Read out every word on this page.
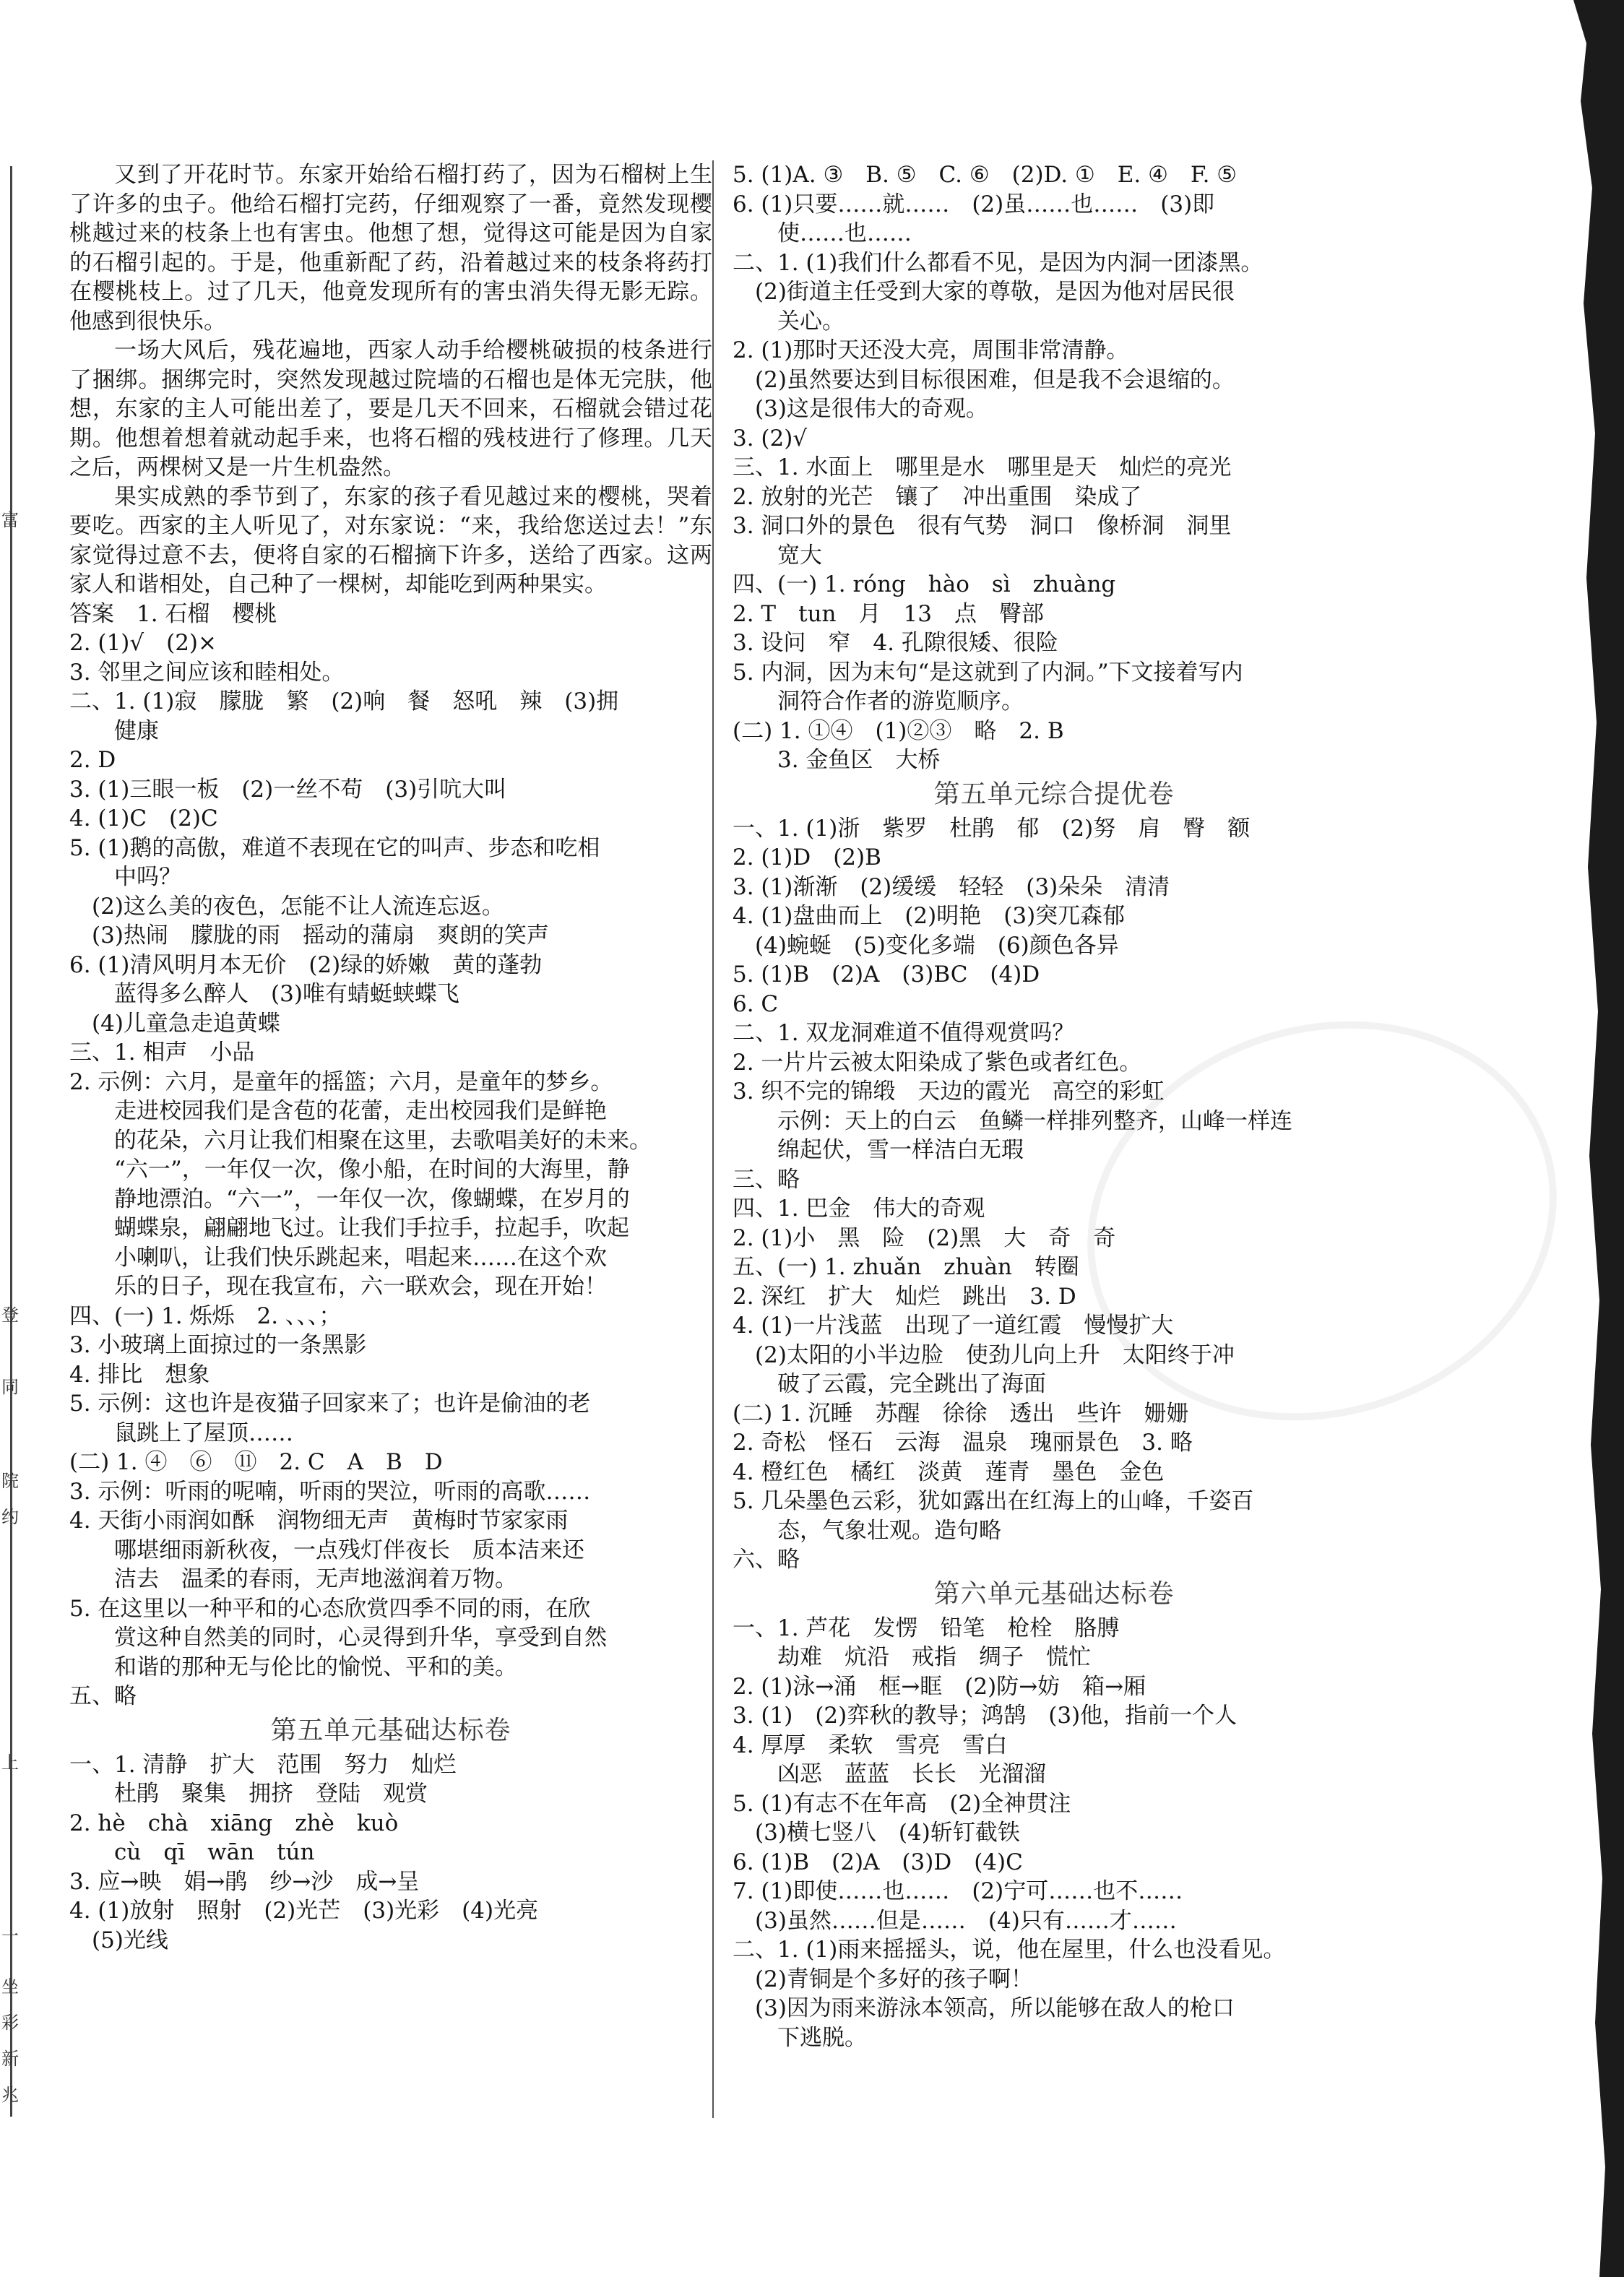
富
登
同
院
约
上
一
坐
彩
新
兆

又到了开花时节。东家开始给石榴打药了，因为石榴树上生了许多的虫子。他给石榴打完药，仔细观察了一番，竟然发现樱桃越过来的枝条上也有害虫。他想了想，觉得这可能是因为自家的石榴引起的。于是，他重新配了药，沿着越过来的枝条将药打在樱桃枝上。过了几天，他竟发现所有的害虫消失得无影无踪。他感到很快乐。

一场大风后，残花遍地，西家人动手给樱桃破损的枝条进行了捆绑。捆绑完时，突然发现越过院墙的石榴也是体无完肤，他想，东家的主人可能出差了，要是几天不回来，石榴就会错过花期。他想着想着就动起手来，也将石榴的残枝进行了修理。几天之后，两棵树又是一片生机盎然。

果实成熟的季节到了，东家的孩子看见越过来的樱桃，哭着要吃。西家的主人听见了，对东家说：“来，我给您送过去！”东家觉得过意不去，便将自家的石榴摘下许多，送给了西家。这两家人和谐相处，自己种了一棵树，却能吃到两种果实。

答案　1. 石榴　樱桃
2. (1)√　(2)×
3. 邻里之间应该和睦相处。
二、1. (1)寂　朦胧　繁　(2)响　餐　怒吼　辣　(3)拥
　　健康
2. D
3. (1)三眼一板　(2)一丝不苟　(3)引吭大叫
4. (1)C　(2)C
5. (1)鹅的高傲，难道不表现在它的叫声、步态和吃相
　　中吗？
　(2)这么美的夜色，怎能不让人流连忘返。
　(3)热闹　朦胧的雨　摇动的蒲扇　爽朗的笑声
6. (1)清风明月本无价　(2)绿的娇嫩　黄的蓬勃
　　蓝得多么醉人　(3)唯有蜻蜓蛱蝶飞
　(4)儿童急走追黄蝶
三、1. 相声　小品
2. 示例：六月，是童年的摇篮；六月，是童年的梦乡。
　　走进校园我们是含苞的花蕾，走出校园我们是鲜艳
　　的花朵，六月让我们相聚在这里，去歌唱美好的未来。
　　“六一”，一年仅一次，像小船，在时间的大海里，静
　　静地漂泊。“六一”，一年仅一次，像蝴蝶，在岁月的
　　蝴蝶泉，翩翩地飞过。让我们手拉手，拉起手，吹起
　　小喇叭，让我们快乐跳起来，唱起来……在这个欢
　　乐的日子，现在我宣布，六一联欢会，现在开始！
四、(一) 1. 烁烁　2. 、、、；
3. 小玻璃上面掠过的一条黑影
4. 排比　想象
5. 示例：这也许是夜猫子回家来了；也许是偷油的老
　　鼠跳上了屋顶……
(二) 1. ④　⑥　⑪　2. C　A　B　D
3. 示例：听雨的呢喃，听雨的哭泣，听雨的高歌……
4. 天街小雨润如酥　润物细无声　黄梅时节家家雨
　　哪堪细雨新秋夜，一点残灯伴夜长　质本洁来还
　　洁去　温柔的春雨，无声地滋润着万物。
5. 在这里以一种平和的心态欣赏四季不同的雨，在欣
　　赏这种自然美的同时，心灵得到升华，享受到自然
　　和谐的那种无与伦比的愉悦、平和的美。
五、略
第五单元基础达标卷
一、1. 清静　扩大　范围　努力　灿烂
　　杜鹃　聚集　拥挤　登陆　观赏
2. hè　chà　xiāng　zhè　kuò
　　cù　qī　wān　tún
3. 应→映　娟→鹃　纱→沙　成→呈
4. (1)放射　照射　(2)光芒　(3)光彩　(4)光亮
　(5)光线
5. (1)A. ③　B. ⑤　C. ⑥　(2)D. ①　E. ④　F. ⑤
6. (1)只要……就……　(2)虽……也……　(3)即
　　使……也……
二、1. (1)我们什么都看不见，是因为内洞一团漆黑。
　(2)街道主任受到大家的尊敬，是因为他对居民很
　　关心。
2. (1)那时天还没大亮，周围非常清静。
　(2)虽然要达到目标很困难，但是我不会退缩的。
　(3)这是很伟大的奇观。
3. (2)√
三、1. 水面上　哪里是水　哪里是天　灿烂的亮光
2. 放射的光芒　镶了　冲出重围　染成了
3. 洞口外的景色　很有气势　洞口　像桥洞　洞里
　　宽大
四、(一) 1. róng　hào　sì　zhuàng
2. T　tun　月　13　点　臀部
3. 设问　窄　4. 孔隙很矮、很险
5. 内洞，因为末句“是这就到了内洞。”下文接着写内
　　洞符合作者的游览顺序。
(二) 1. ①④　(1)②③　略　2. B
　　3. 金鱼区　大桥
第五单元综合提优卷
一、1. (1)浙　紫罗　杜鹃　郁　(2)努　肩　臀　额
2. (1)D　(2)B
3. (1)渐渐　(2)缓缓　轻轻　(3)朵朵　清清
4. (1)盘曲而上　(2)明艳　(3)突兀森郁
　(4)蜿蜒　(5)变化多端　(6)颜色各异
5. (1)B　(2)A　(3)BC　(4)D
6. C
二、1. 双龙洞难道不值得观赏吗？
2. 一片片云被太阳染成了紫色或者红色。
3. 织不完的锦缎　天边的霞光　高空的彩虹
　　示例：天上的白云　鱼鳞一样排列整齐，山峰一样连
　　绵起伏，雪一样洁白无瑕
三、略
四、1. 巴金　伟大的奇观
2. (1)小　黑　险　(2)黑　大　奇　奇
五、(一) 1. zhuǎn　zhuàn　转圈
2. 深红　扩大　灿烂　跳出　3. D
4. (1)一片浅蓝　出现了一道红霞　慢慢扩大
　(2)太阳的小半边脸　使劲儿向上升　太阳终于冲
　　破了云霞，完全跳出了海面
(二) 1. 沉睡　苏醒　徐徐　透出　些许　姗姗
2. 奇松　怪石　云海　温泉　瑰丽景色　3. 略
4. 橙红色　橘红　淡黄　莲青　墨色　金色
5. 几朵墨色云彩，犹如露出在红海上的山峰，千姿百
　　态，气象壮观。造句略
六、略
第六单元基础达标卷
一、1. 芦花　发愣　铅笔　枪栓　胳膊
　　劫难　炕沿　戒指　绸子　慌忙
2. (1)泳→涌　框→眶　(2)防→妨　箱→厢
3. (1)　(2)弈秋的教导；鸿鹄　(3)他，指前一个人
4. 厚厚　柔软　雪亮　雪白
　　凶恶　蓝蓝　长长　光溜溜
5. (1)有志不在年高　(2)全神贯注
　(3)横七竖八　(4)斩钉截铁
6. (1)B　(2)A　(3)D　(4)C
7. (1)即使……也……　(2)宁可……也不……
　(3)虽然……但是……　(4)只有……才……
二、1. (1)雨来摇摇头，说，他在屋里，什么也没看见。
　(2)青铜是个多好的孩子啊！
　(3)因为雨来游泳本领高，所以能够在敌人的枪口
　　下逃脱。
